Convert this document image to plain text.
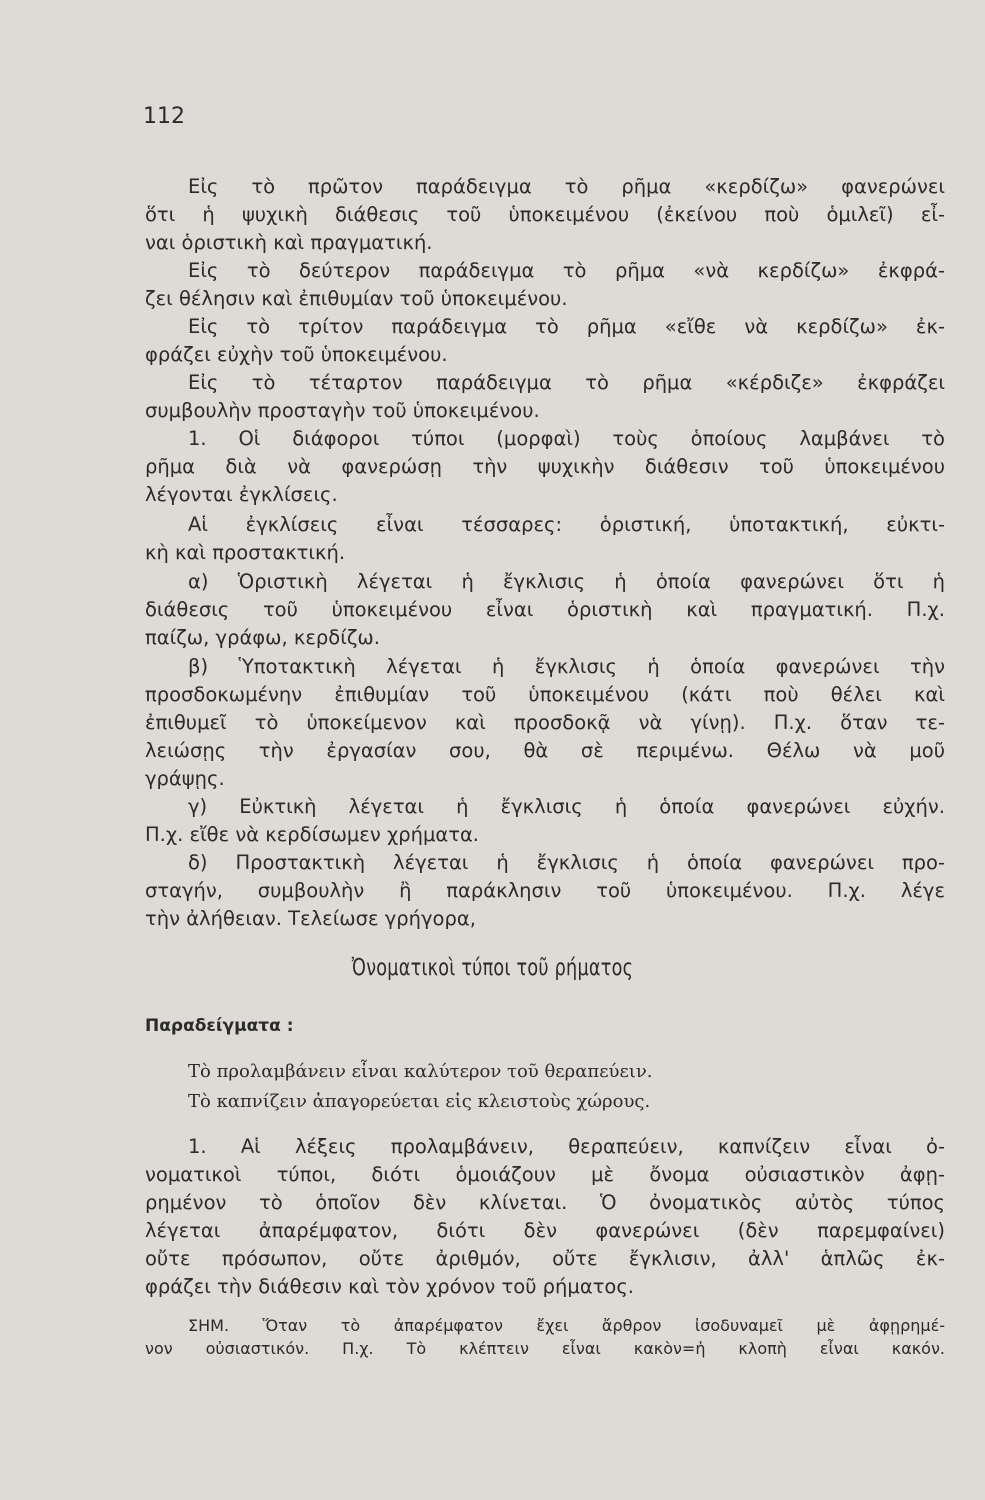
112
Εἰς τὸ πρῶτον παράδειγμα τὸ ρῆμα «κερδίζω» φανερώνει
ὅτι ἡ ψυχικὴ διάθεσις τοῦ ὑποκειμένου (ἐκείνου ποὺ ὁμιλεῖ) εἶ-
ναι ὁριστικὴ καὶ πραγματική.
Εἰς τὸ δεύτερον παράδειγμα τὸ ρῆμα «νὰ κερδίζω» ἐκφρά-
ζει θέλησιν καὶ ἐπιθυμίαν τοῦ ὑποκειμένου.
Εἰς τὸ τρίτον παράδειγμα τὸ ρῆμα «εἴθε νὰ κερδίζω» ἐκ-
φράζει εὐχὴν τοῦ ὑποκειμένου.
Εἰς τὸ τέταρτον παράδειγμα τὸ ρῆμα «κέρδιζε» ἐκφράζει
συμβουλὴν προσταγὴν τοῦ ὑποκειμένου.
1. Οἱ διάφοροι τύποι (μορφαὶ) τοὺς ὁποίους λαμβάνει τὸ
ρῆμα διὰ νὰ φανερώσῃ τὴν ψυχικὴν διάθεσιν τοῦ ὑποκειμένου
λέγονται ἐγκλίσεις.
Αἱ ἐγκλίσεις εἶναι τέσσαρες: ὁριστική, ὑποτακτική, εὐκτι-
κὴ καὶ προστακτική.
α) Ὁριστικὴ λέγεται ἡ ἔγκλισις ἡ ὁποία φανερώνει ὅτι ἡ
διάθεσις τοῦ ὑποκειμένου εἶναι ὁριστικὴ καὶ πραγματική. Π.χ.
παίζω, γράφω, κερδίζω.
β) Ὑποτακτικὴ λέγεται ἡ ἔγκλισις ἡ ὁποία φανερώνει τὴν
προσδοκωμένην ἐπιθυμίαν τοῦ ὑποκειμένου (κάτι ποὺ θέλει καὶ
ἐπιθυμεῖ τὸ ὑποκείμενον καὶ προσδοκᾷ νὰ γίνῃ). Π.χ. ὅταν τε-
λειώσῃς τὴν ἐργασίαν σου, θὰ σὲ περιμένω. Θέλω νὰ μοῦ
γράψῃς.
γ) Εὐκτικὴ λέγεται ἡ ἔγκλισις ἡ ὁποία φανερώνει εὐχήν.
Π.χ. εἴθε νὰ κερδίσωμεν χρήματα.
δ) Προστακτικὴ λέγεται ἡ ἔγκλισις ἡ ὁποία φανερώνει προ-
σταγήν, συμβουλὴν ἢ παράκλησιν τοῦ ὑποκειμένου. Π.χ. λέγε
τὴν ἀλήθειαν. Τελείωσε γρήγορα,
Ὀνοματικοὶ τύποι τοῦ ρήματος
Παραδείγματα :
Τὸ προλαμβάνειν εἶναι καλύτερον τοῦ θεραπεύειν.
Τὸ καπνίζειν ἀπαγορεύεται εἰς κλειστοὺς χώρους.
1. Αἱ λέξεις προλαμβάνειν, θεραπεύειν, καπνίζειν εἶναι ὀ-
νοματικοὶ τύποι, διότι ὁμοιάζουν μὲ ὄνομα οὐσιαστικὸν ἀφῃ-
ρημένον τὸ ὁποῖον δὲν κλίνεται. Ὁ ὀνοματικὸς αὐτὸς τύπος
λέγεται ἀπαρέμφατον, διότι δὲν φανερώνει (δὲν παρεμφαίνει)
οὔτε πρόσωπον, οὔτε ἀριθμόν, οὔτε ἔγκλισιν, ἀλλ' ἁπλῶς ἐκ-
φράζει τὴν διάθεσιν καὶ τὸν χρόνον τοῦ ρήματος.
ΣΗΜ. Ὅταν τὸ ἀπαρέμφατον ἔχει ἄρθρον ἰσοδυναμεῖ μὲ ἀφῃρημέ-
νον οὐσιαστικόν. Π.χ. Τὸ κλέπτειν εἶναι κακὸν=ἡ κλοπὴ εἶναι κακόν.
